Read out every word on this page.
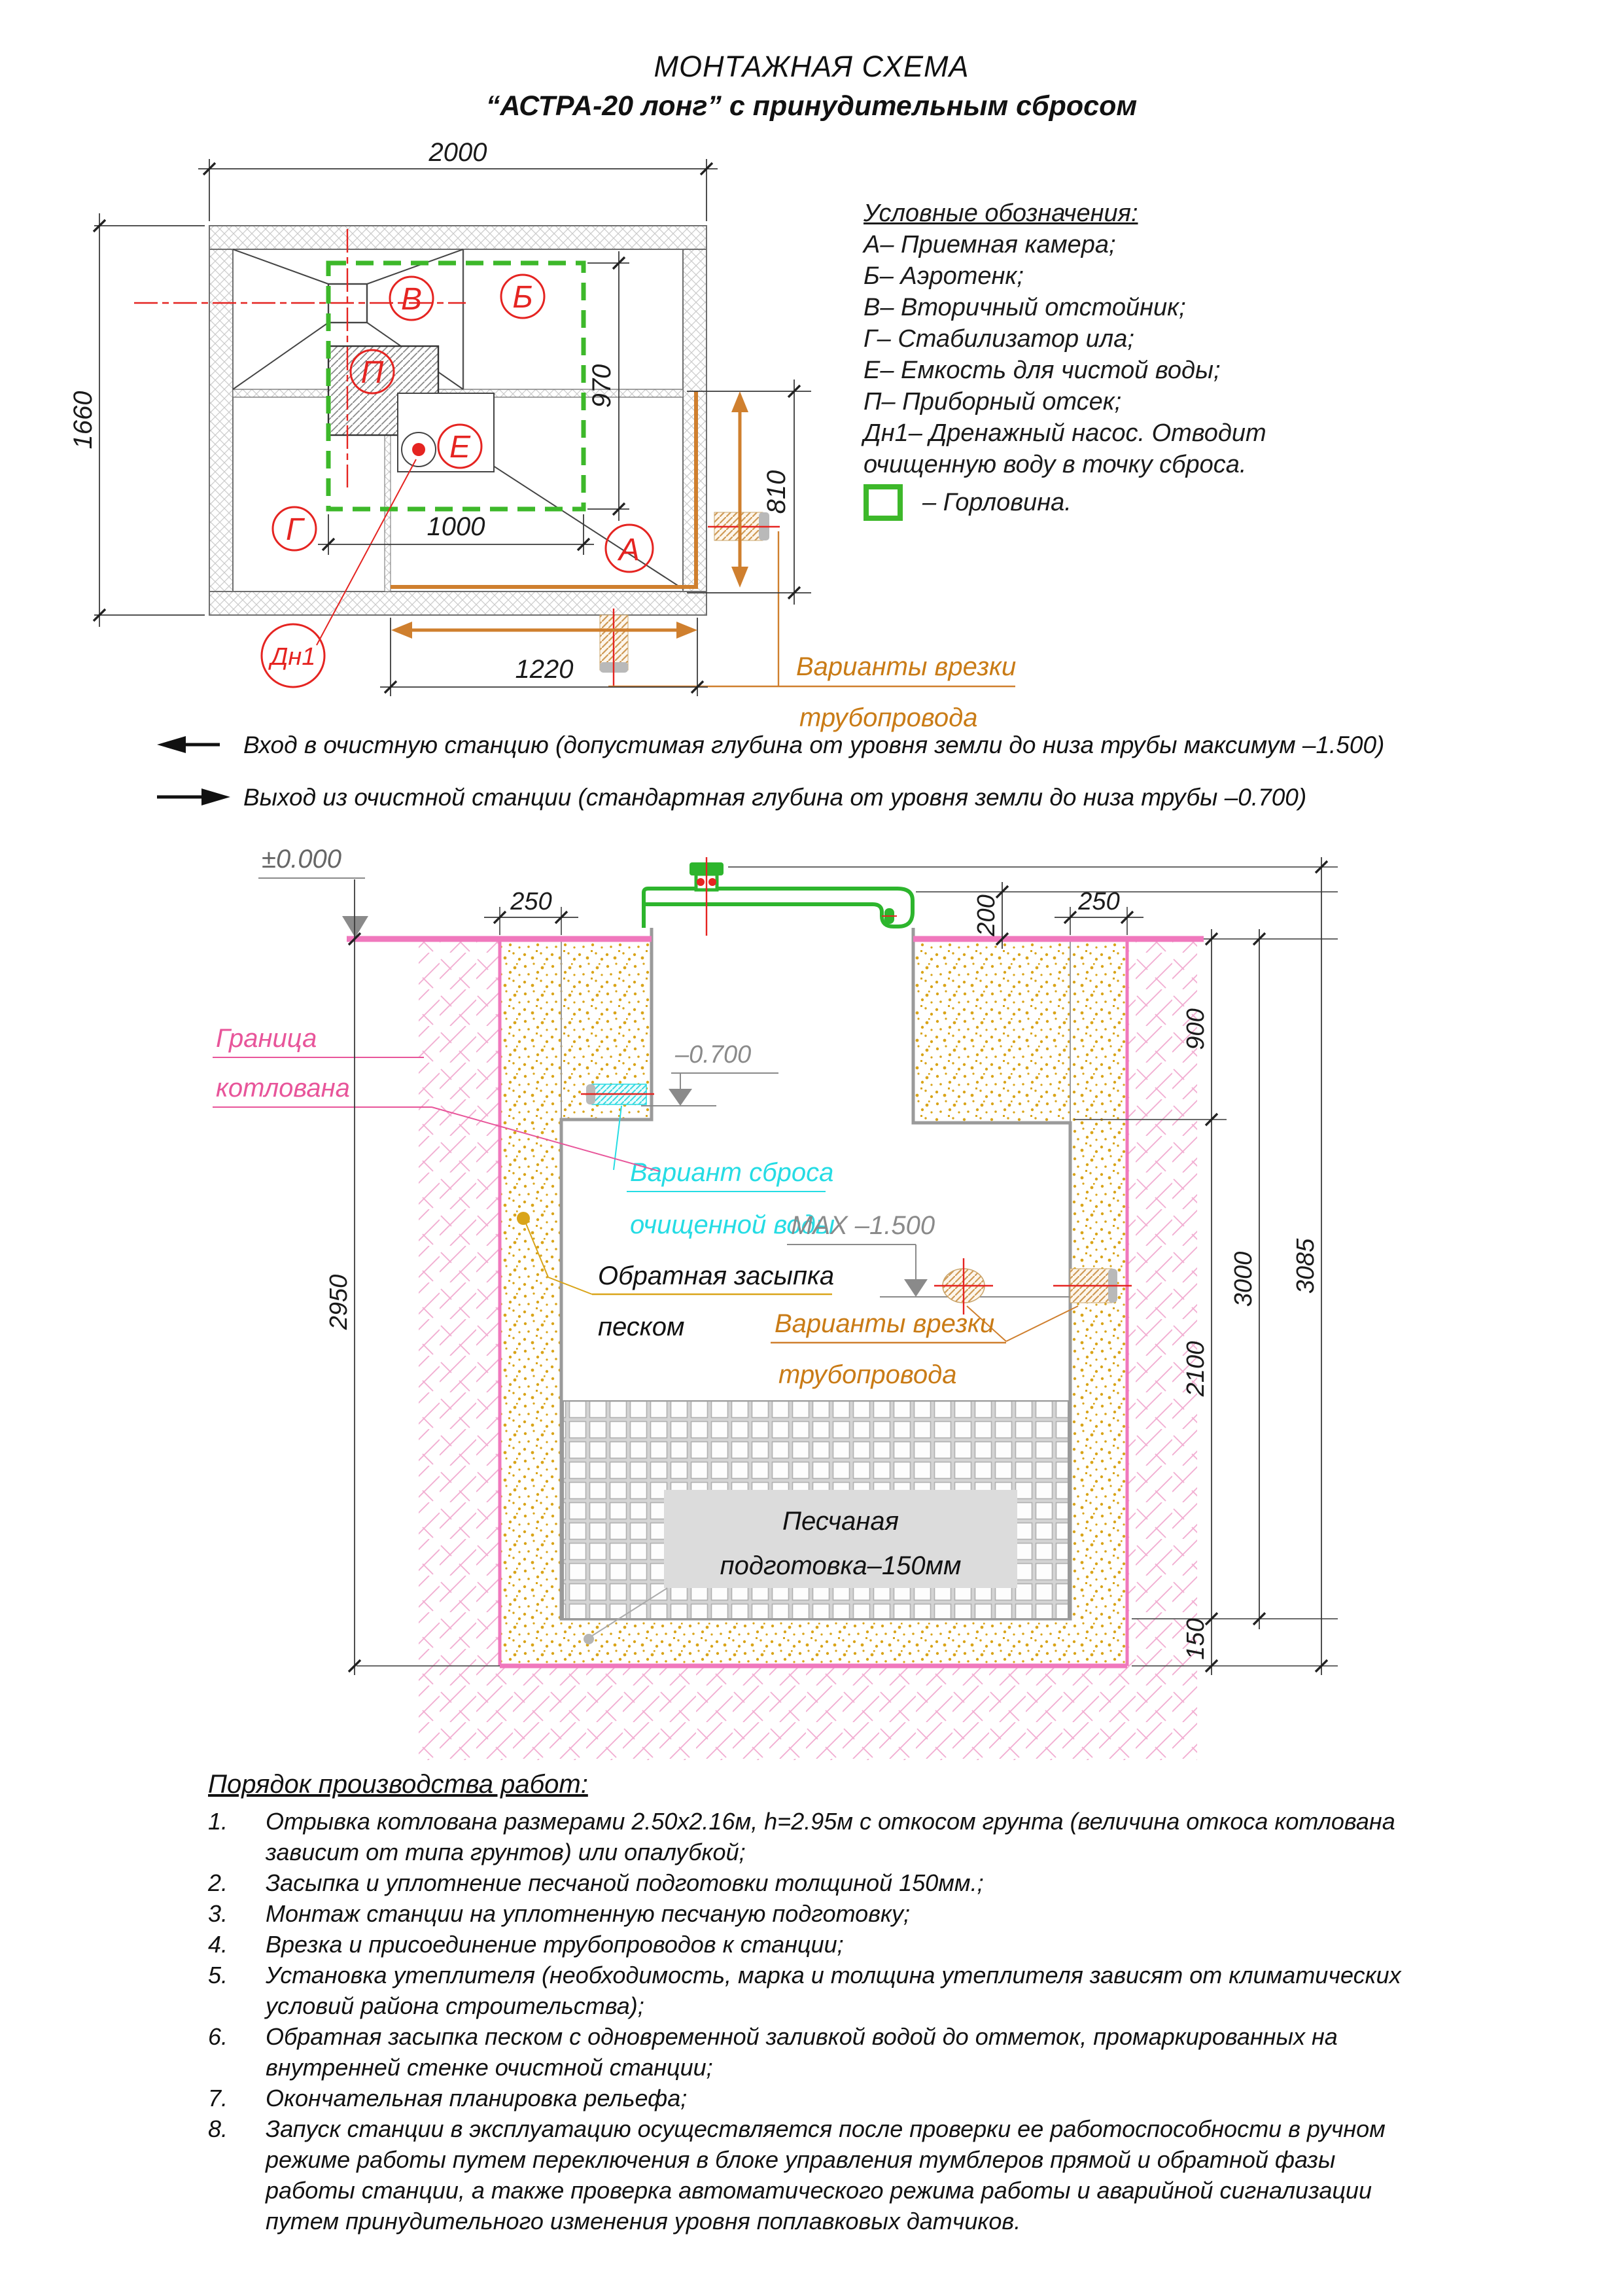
Варианты врезки
трубопровода
В	Б
П
Е
Г
А
Дн1
2000
1660
970
810
1000
1220
Вход в очистную станцию (допустимая глубина от уровня земли до низа трубы максимум –1.500)
Выход из очистной станции (стандартная глубина от уровня земли до низа трубы –0.700)
Песчаная
подготовка–150мм
–0.700
Вариант сброса
очищенной воды
MAX –1.500
Варианты врезки
трубопровода
Обратная засыпка
песком
Граница
котлована
±0.000
250	250
200
900
2100
150
3000 3085
2950
МОНТАЖНАЯ СХЕМА
“АСТРА-20 лонг” с принудительным сбросом
Условные обозначения:
А– Приемная камера;
Б– Аэротенк;
В– Вторичный отстойник;
Г– Стабилизатор ила;
Е– Емкость для чистой воды;
П– Приборный отсек;
Дн1– Дренажный насос. Отводит
очищенную воду в точку сброса.
– Горловина.
Порядок производства работ:
1.	Отрывка котлована размерами 2.50х2.16м, h=2.95м с откосом грунта (величина откоса котлована
зависит от типа грунтов) или опалубкой;
2.	Засыпка и уплотнение песчаной подготовки толщиной 150мм.;
3.	Монтаж станции на уплотненную песчаную подготовку;
4.	Врезка и присоединение трубопроводов к станции;
5.	Установка утеплителя (необходимость, марка и толщина утеплителя зависят от климатических
условий района строительства);
6.	Обратная засыпка песком с одновременной заливкой водой до отметок, промаркированных на
внутренней стенке очистной станции;
7.	Окончательная планировка рельефа;
8.	Запуск станции в эксплуатацию осуществляется после проверки ее работоспособности в ручном
режиме работы путем переключения в блоке управления тумблеров прямой и обратной фазы
работы станции, а также проверка автоматического режима работы и аварийной сигнализации
путем принудительного изменения уровня поплавковых датчиков.
